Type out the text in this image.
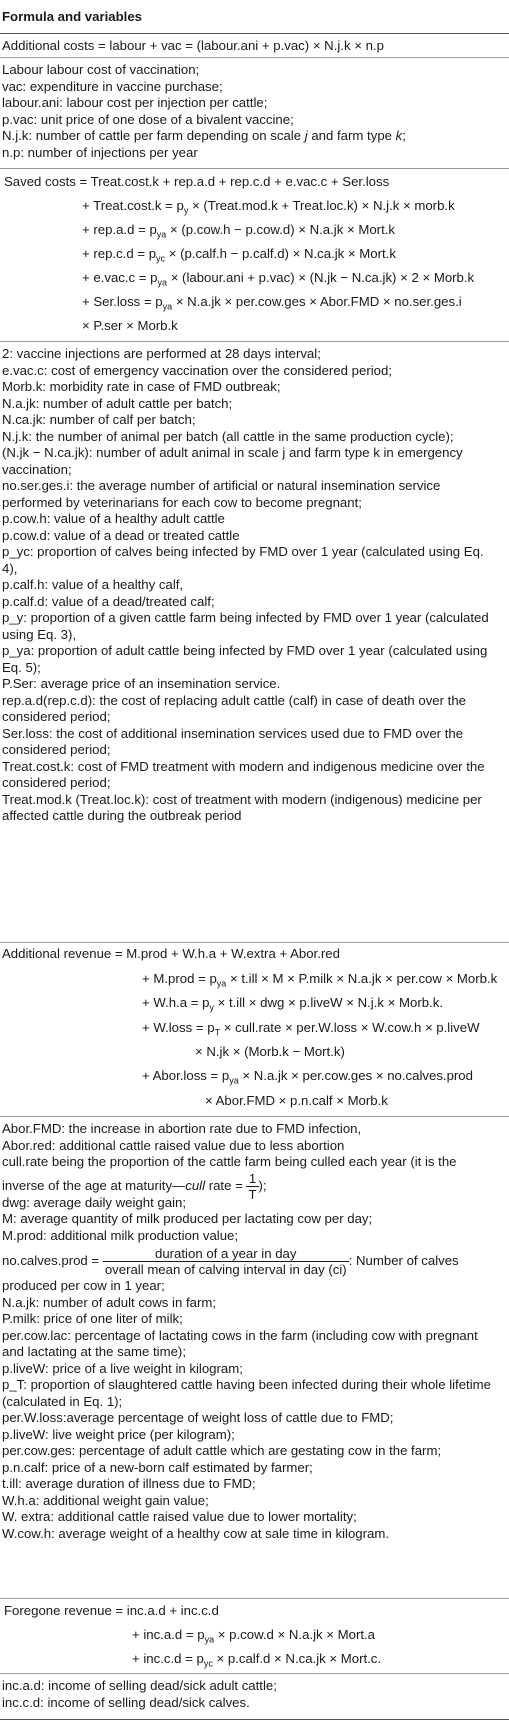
Formula and variables
Additional costs = labour + vac = (labour.ani + p.vac) × N.j.k × n.p
Labour labour cost of vaccination;
vac: expenditure in vaccine purchase;
labour.ani: labour cost per injection per cattle;
p.vac: unit price of one dose of a bivalent vaccine;
N.j.k: number of cattle per farm depending on scale j and farm type k;
n.p: number of injections per year
Saved costs = Treat.cost.k + rep.a.d + rep.c.d + e.vac.c + Ser.loss
+ Treat.cost.k = $p_y$ × (Treat.mod.k + Treat.loc.k) × N.j.k × morb.k
+ $rep.a.d = p_{ya} \times (p.cow.h - p.cow.d) \times N.a.jk$ × Mort.k
+ $rep.c.d = p_{yc}$ × (p.calf.h − p.calf.d) × N.ca.jk × Mort.k
+ $e.vac.c = p_{ya}$ × (labour.ani + p.vac) × (N.jk − N.ca.jk) × 2 × Morb.k
+ Ser.loss = $p_{ya} \times N.a.jk \times per.cow.ges$ × Abor.FMD × no.ser.ges.i
× P.ser × Morb.k
2: vaccine injections are performed at 28 days interval;
e.vac.c: cost of emergency vaccination over the considered period;
Morb.k: morbidity rate in case of FMD outbreak;
N.a.jk: number of adult cattle per batch;
N.ca.jk: number of calf per batch;
N.j.k: the number of animal per batch (all cattle in the same production cycle);
(N.jk − N.ca.jk): number of adult animal in scale j and farm type k in emergency vaccination;
no.ser.ges.i: the average number of artificial or natural insemination service performed by veterinarians for each cow to become pregnant;
p.cow.h: value of a healthy adult cattle
p.cow.d: value of a dead or treated cattle
p_yc: proportion of calves being infected by FMD over 1 year (calculated using Eq. 4),
p.calf.h: value of a healthy calf,
p.calf.d: value of a dead/treated calf;
p_y: proportion of a given cattle farm being infected by FMD over 1 year (calculated using Eq. 3),
p_ya: proportion of adult cattle being infected by FMD over 1 year (calculated using Eq. 5);
P.Ser: average price of an insemination service.
rep.a.d(rep.c.d): the cost of replacing adult cattle (calf) in case of death over the considered period;
Ser.loss: the cost of additional insemination services used due to FMD over the considered period;
Treat.cost.k: cost of FMD treatment with modern and indigenous medicine over the considered period;
Treat.mod.k (Treat.loc.k): cost of treatment with modern (indigenous) medicine per affected cattle during the outbreak period
Additional revenue = M.prod + W.h.a + W.extra + Abor.red
+ M.prod = $p_{ya} \times t.ill \times M$ × P.milk × N.a.jk × per.cow × Morb.k
+ $W.h.a = p_y \times t.ill$ × dwg × p.liveW × N.j.k × Morb.k.
+ W.loss = $p_T$ × cull.rate × per.W.loss × W.cow.h × p.liveW
× N.jk × (Morb.k − Mort.k)
+ Abor.loss = $p_{ya} \times N.a.jk \times per.cow.ges$ × no.calves.prod
× Abor.FMD × p.n.calf × Morb.k
Abor.FMD: the increase in abortion rate due to FMD infection,
Abor.red: additional cattle raised value due to less abortion
cull.rate being the proportion of the cattle farm being culled each year (it is the
inverse of the age at maturity—cull rate = $\frac{1}{T}$ );
dwg: average daily weight gain;
M: average quantity of milk produced per lactating cow per day;
M.prod: additional milk production value;
no.calves.prod = $\frac{\text{duration of a year in day}}{\text{overall mean of calving interval in day (ci)}}$ : Number of calves
produced per cow in 1 year;
N.a.jk: number of adult cows in farm;
P.milk: price of one liter of milk;
per.cow.lac: percentage of lactating cows in the farm (including cow with pregnant and lactating at the same time);
p.liveW: price of a live weight in kilogram;
p_T: proportion of slaughtered cattle having been infected during their whole lifetime (calculated in Eq. 1);
per.W.loss:average percentage of weight loss of cattle due to FMD;
p.liveW: live weight price (per kilogram);
per.cow.ges: percentage of adult cattle which are gestating cow in the farm;
p.n.calf: price of a new-born calf estimated by farmer;
t.ill: average duration of illness due to FMD;
W.h.a: additional weight gain value;
W. extra: additional cattle raised value due to lower mortality;
W.cow.h: average weight of a healthy cow at sale time in kilogram.
Foregone revenue = inc.a.d + inc.c.d
+ $inc.a.d = p_{ya} \times p.cow.d \times N.a.jk$ × Mort.a
+ $inc.c.d = p_{yc}$ × p.calf.d × N.ca.jk × Mort.c.
inc.a.d: income of selling dead/sick adult cattle;
inc.c.d: income of selling dead/sick calves.
